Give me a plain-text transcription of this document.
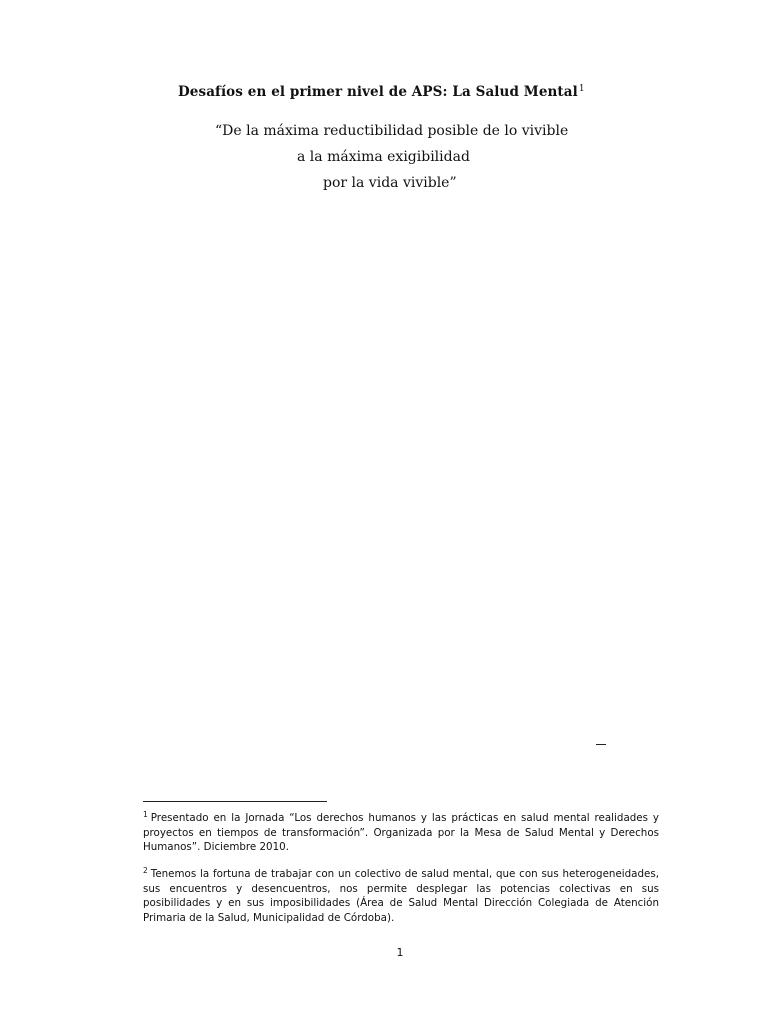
Desafíos en el primer nivel de APS: La Salud Mental$^1$
“De la máxima reductibilidad posible de lo vivible
a la máxima exigibilidad
por la vida vivible”
$^1$ Presentado en la Jornada “Los derechos humanos y las prácticas en salud mental realidades y proyectos en tiempos de transformación”. Organizada por la Mesa de Salud Mental y Derechos Humanos”. Diciembre 2010.
$^2$ Tenemos la fortuna de trabajar con un colectivo de salud mental, que con sus heterogeneidades, sus encuentros y desencuentros, nos permite desplegar las potencias colectivas en sus posibilidades y en sus imposibilidades (Área de Salud Mental Dirección Colegiada de Atención Primaria de la Salud, Municipalidad de Córdoba).
1
